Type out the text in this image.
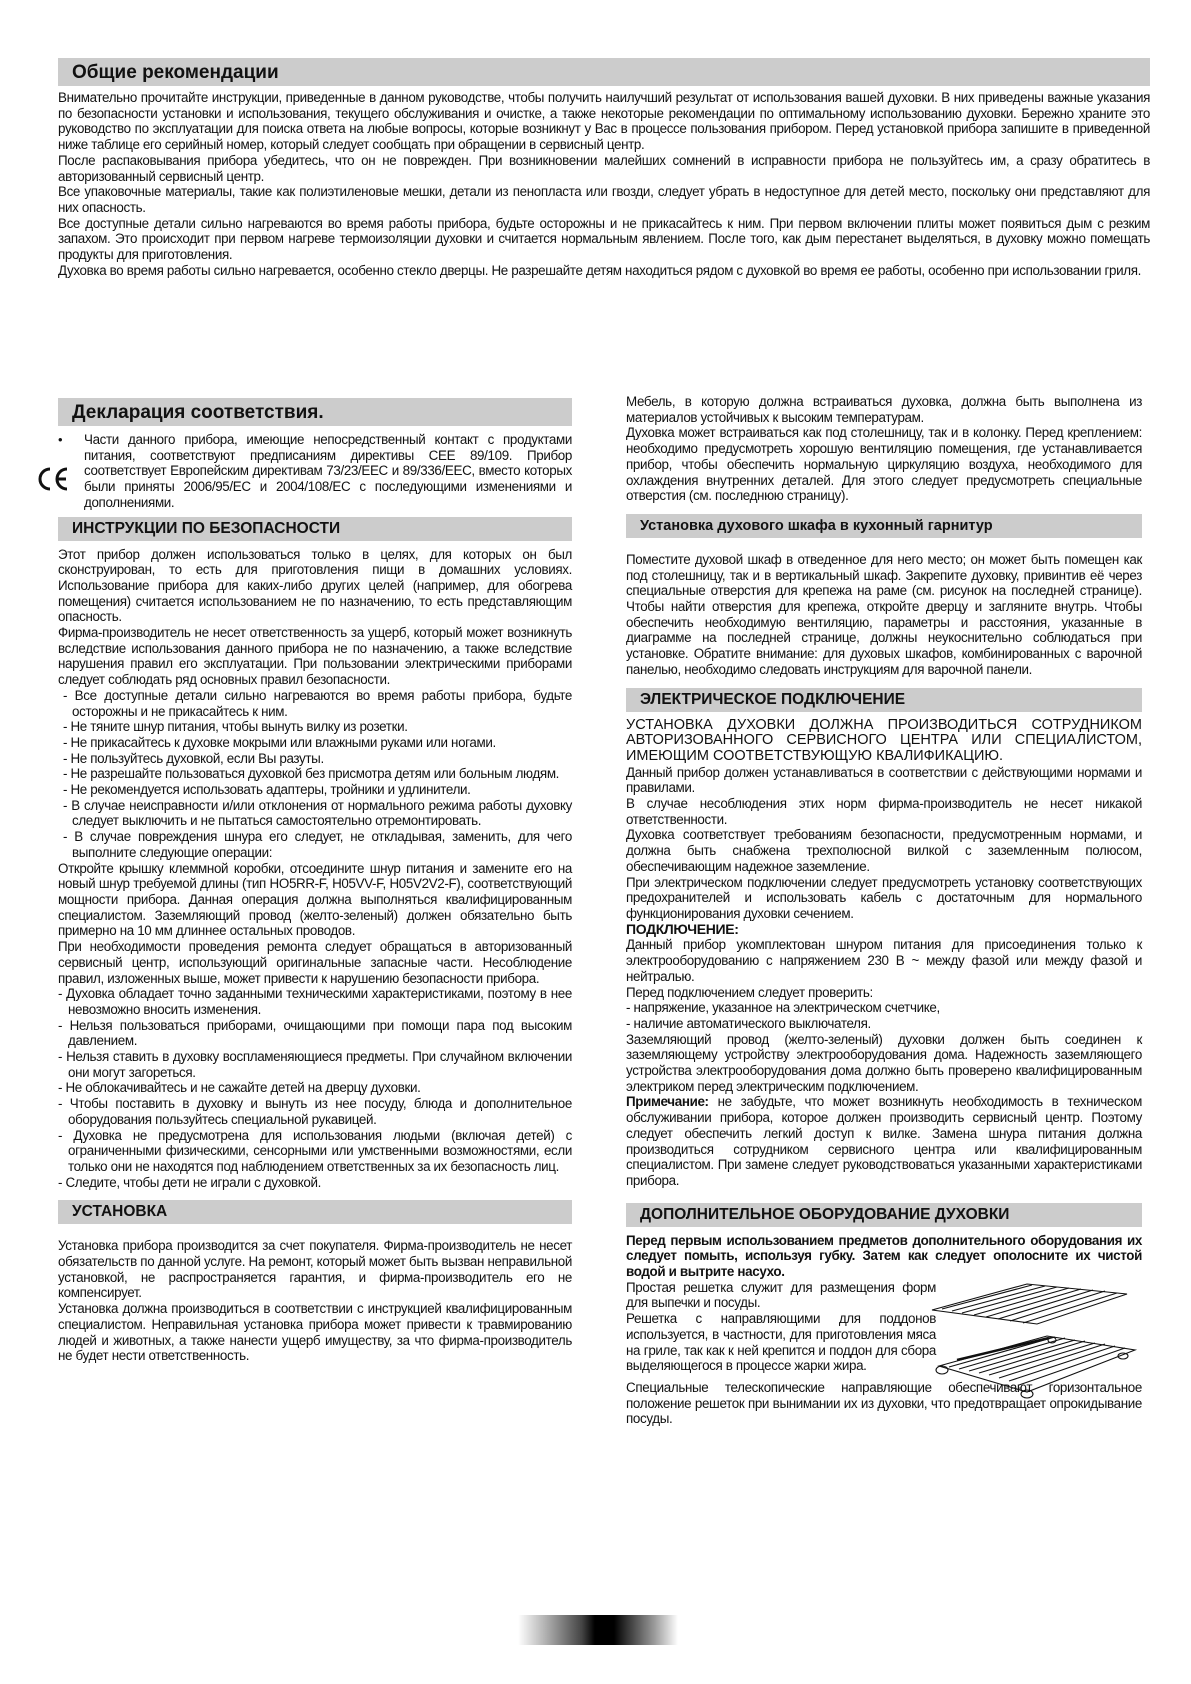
Общие рекомендации

Внимательно прочитайте инструкции, приведенные в данном руководстве, чтобы получить наилучший результат от использования вашей духовки. В них приведены важные указания по безопасности установки и использования, текущего обслуживания и очистке, а также некоторые рекомендации по оптимальному использованию духовки. Бережно храните это руководство по эксплуатации для поиска ответа на любые вопросы, которые возникнут у Вас в процессе пользования прибором. Перед установкой прибора запишите в приведенной ниже таблице его серийный номер, который следует сообщать при обращении в сервисный центр.

После распаковывания прибора убедитесь, что он не поврежден. При возникновении малейших сомнений в исправности прибора не пользуйтесь им, а сразу обратитесь в авторизованный сервисный центр.

Все упаковочные материалы, такие как полиэтиленовые мешки, детали из пенопласта или гвозди, следует убрать в недоступное для детей место, поскольку они представляют для них опасность.

Все доступные детали сильно нагреваются во время работы прибора, будьте осторожны и не прикасайтесь к ним. При первом включении плиты может появиться дым с резким запахом. Это происходит при первом нагреве термоизоляции духовки и считается нормальным явлением. После того, как дым перестанет выделяться, в духовку можно помещать продукты для приготовления.

Духовка во время работы сильно нагревается, особенно стекло дверцы. Не разрешайте детям находиться рядом с духовкой во время ее работы, особенно при использовании гриля.

Декларация соответствия.
• Части данного прибора, имеющие непосредственный контакт с продуктами питания, соответствуют предписаниям директивы CEE 89/109. Прибор соответствует Европейским директивам 73/23/EEC и 89/336/EEC, вместо которых были приняты 2006/95/EC и 2004/108/EC с последующими изменениями и дополнениями.

ИНСТРУКЦИИ ПО БЕЗОПАСНОСТИ

Этот прибор должен использоваться только в целях, для которых он был сконструирован, то есть для приготовления пищи в домашних условиях. Использование прибора для каких-либо других целей (например, для обогрева помещения) считается использованием не по назначению, то есть представляющим опасность.

Фирма-производитель не несет ответственность за ущерб, который может возникнуть вследствие использования данного прибора не по назначению, а также вследствие нарушения правил его эксплуатации. При пользовании электрическими приборами следует соблюдать ряд основных правил безопасности.

- Все доступные детали сильно нагреваются во время работы прибора, будьте осторожны и не прикасайтесь к ним.

- Не тяните шнур питания, чтобы вынуть вилку из розетки.

- Не прикасайтесь к духовке мокрыми или влажными руками или ногами.

- Не пользуйтесь духовкой, если Вы разуты.

- Не разрешайте пользоваться духовкой без присмотра детям или больным людям.

- Не рекомендуется использовать адаптеры, тройники и удлинители.

- В случае неисправности и/или отклонения от нормального режима работы духовку следует выключить и не пытаться самостоятельно отремонтировать.

- В случае повреждения шнура его следует, не откладывая, заменить, для чего выполните следующие операции:

Откройте крышку клеммной коробки, отсоедините шнур питания и замените его на новый шнур требуемой длины (тип HO5RR-F, H05VV-F, H05V2V2-F), соответствующий мощности прибора. Данная операция должна выполняться квалифицированным специалистом. Заземляющий провод (желто-зеленый) должен обязательно быть примерно на 10 мм длиннее остальных проводов.

При необходимости проведения ремонта следует обращаться в авторизованный сервисный центр, использующий оригинальные запасные части. Несоблюдение правил, изложенных выше, может привести к нарушению безопасности прибора.

- Духовка обладает точно заданными техническими характеристиками, поэтому в нее невозможно вносить изменения.

- Нельзя пользоваться приборами, очищающими при помощи пара под высоким давлением.

- Нельзя ставить в духовку воспламеняющиеся предметы. При случайном включении они могут загореться.

- Не облокачивайтесь и не сажайте детей на дверцу духовки.

- Чтобы поставить в духовку и вынуть из нее посуду, блюда и дополнительное оборудования пользуйтесь специальной рукавицей.

- Духовка не предусмотрена для использования людьми (включая детей) с ограниченными физическими, сенсорными или умственными возможностями, если только они не находятся под наблюдением ответственных за их безопасность лиц.

- Следите, чтобы дети не играли с духовкой.

УСТАНОВКА

Установка прибора производится за счет покупателя. Фирма-производитель не несет обязательств по данной услуге. На ремонт, который может быть вызван неправильной установкой, не распространяется гарантия, и фирма-производитель его не компенсирует.

Установка должна производиться в соответствии с инструкцией квалифицированным специалистом. Неправильная установка прибора может привести к травмированию людей и животных, а также нанести ущерб имуществу, за что фирма-производитель не будет нести ответственность.

Мебель, в которую должна встраиваться духовка, должна быть выполнена из материалов устойчивых к высоким температурам.

Духовка может встраиваться как под столешницу, так и в колонку. Перед креплением: необходимо предусмотреть хорошую вентиляцию помещения, где устанавливается прибор, чтобы обеспечить нормальную циркуляцию воздуха, необходимого для охлаждения внутренних деталей. Для этого следует предусмотреть специальные отверстия (см. последнюю страницу).

Установка духового шкафа в кухонный гарнитур

Поместите духовой шкаф в отведенное для него место; он может быть помещен как под столешницу, так и в вертикальный шкаф. Закрепите духовку, привинтив её через специальные отверстия для крепежа на раме (см. рисунок на последней странице). Чтобы найти отверстия для крепежа, откройте дверцу и загляните внутрь. Чтобы обеспечить необходимую вентиляцию, параметры и расстояния, указанные в диаграмме на последней странице, должны неукоснительно соблюдаться при установке. Обратите внимание: для духовых шкафов, комбинированных с варочной панелью, необходимо следовать инструкциям для варочной панели.

ЭЛЕКТРИЧЕСКОЕ ПОДКЛЮЧЕНИЕ

УСТАНОВКА ДУХОВКИ ДОЛЖНА ПРОИЗВОДИТЬСЯ СОТРУДНИКОМ АВТОРИЗОВАННОГО СЕРВИСНОГО ЦЕНТРА ИЛИ СПЕЦИАЛИСТОМ, ИМЕЮЩИМ СООТВЕТСТВУЮЩУЮ КВАЛИФИКАЦИЮ.

Данный прибор должен устанавливаться в соответствии с действующими нормами и правилами.

В случае несоблюдения этих норм фирма-производитель не несет никакой ответственности.

Духовка соответствует требованиям безопасности, предусмотренным нормами, и должна быть снабжена трехполюсной вилкой с заземленным полюсом, обеспечивающим надежное заземление.

При электрическом подключении следует предусмотреть установку соответствующих предохранителей и использовать кабель с достаточным для нормального функционирования духовки сечением.

ПОДКЛЮЧЕНИЕ:

Данный прибор укомплектован шнуром питания для присоединения только к электрооборудованию с напряжением 230 В ~ между фазой или между фазой и нейтралью.

Перед подключением следует проверить:

- напряжение, указанное на электрическом счетчике,

- наличие автоматического выключателя.

Заземляющий провод (желто-зеленый) духовки должен быть соединен к заземляющему устройству электрооборудования дома. Надежность заземляющего устройства электрооборудования дома должно быть проверено квалифицированным электриком перед электрическим подключением.

Примечание: не забудьте, что может возникнуть необходимость в техническом обслуживании прибора, которое должен производить сервисный центр. Поэтому следует обеспечить легкий доступ к вилке. Замена шнура питания должна производиться сотрудником сервисного центра или квалифицированным специалистом. При замене следует руководствоваться указанными характеристиками прибора.

ДОПОЛНИТЕЛЬНОЕ ОБОРУДОВАНИЕ ДУХОВКИ

Перед первым использованием предметов дополнительного оборудования их следует помыть, используя губку. Затем как следует ополосните их чистой водой и вытрите насухо.

Простая решетка служит для размещения форм для выпечки и посуды.

Решетка с направляющими для поддонов используется, в частности, для приготовления мяса на гриле, так как к ней крепится и поддон для сбора выделяющегося в процессе жарки жира.

Специальные телескопические направляющие обеспечивают горизонтальное положение решеток при вынимании их из духовки, что предотвращает опрокидывание посуды.
